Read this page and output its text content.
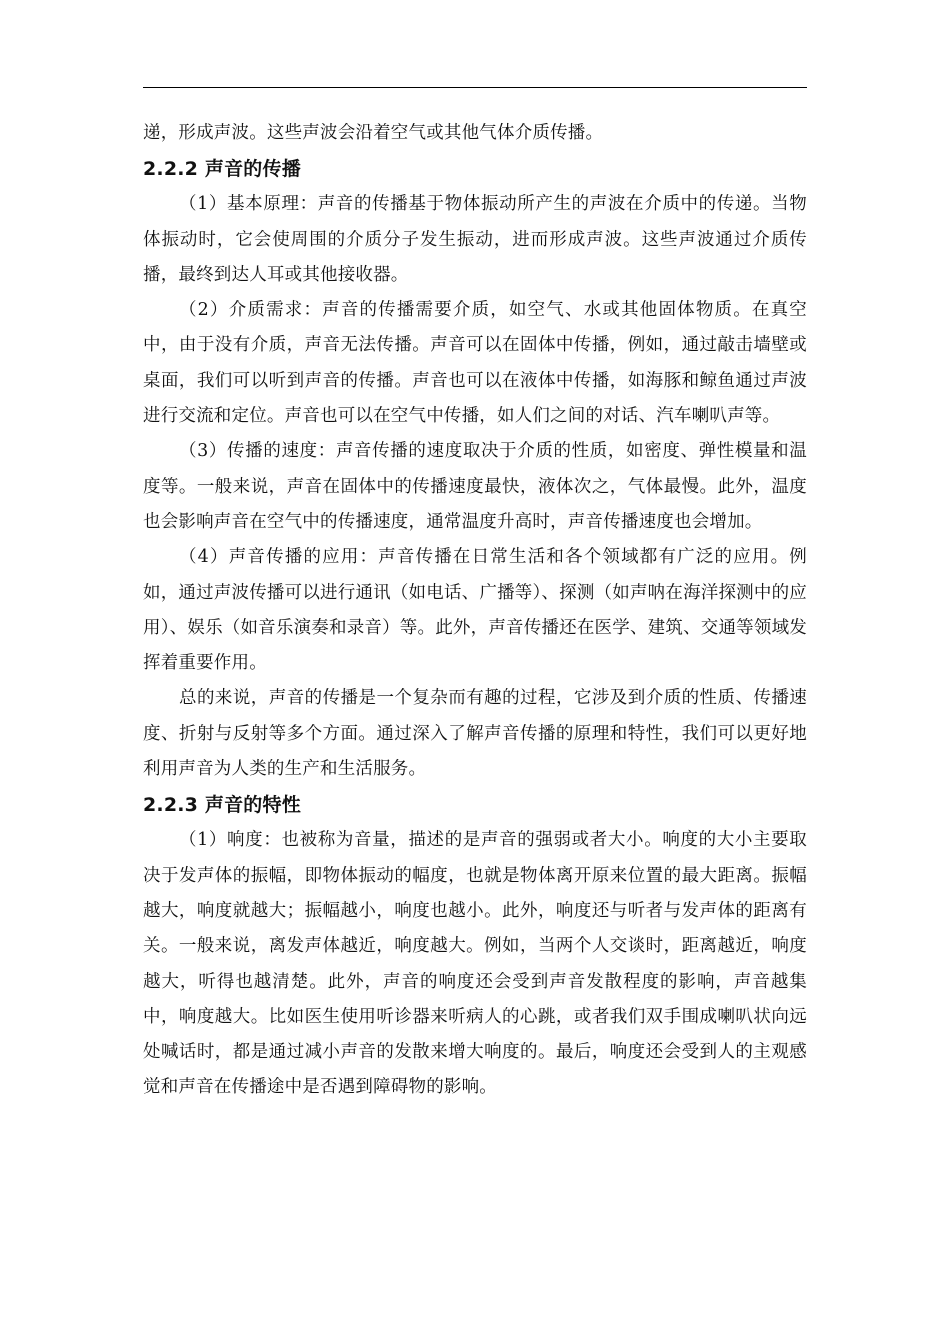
递，形成声波。这些声波会沿着空气或其他气体介质传播。

2.2.2 声音的传播

（1）基本原理：声音的传播基于物体振动所产生的声波在介质中的传递。当物体振动时，它会使周围的介质分子发生振动，进而形成声波。这些声波通过介质传播，最终到达人耳或其他接收器。

（2）介质需求：声音的传播需要介质，如空气、水或其他固体物质。在真空中，由于没有介质，声音无法传播。声音可以在固体中传播，例如，通过敲击墙壁或桌面，我们可以听到声音的传播。声音也可以在液体中传播，如海豚和鲸鱼通过声波进行交流和定位。声音也可以在空气中传播，如人们之间的对话、汽车喇叭声等。

（3）传播的速度：声音传播的速度取决于介质的性质，如密度、弹性模量和温度等。一般来说，声音在固体中的传播速度最快，液体次之，气体最慢。此外，温度也会影响声音在空气中的传播速度，通常温度升高时，声音传播速度也会增加。

（4）声音传播的应用：声音传播在日常生活和各个领域都有广泛的应用。例如，通过声波传播可以进行通讯（如电话、广播等）、探测（如声呐在海洋探测中的应用）、娱乐（如音乐演奏和录音）等。此外，声音传播还在医学、建筑、交通等领域发挥着重要作用。

总的来说，声音的传播是一个复杂而有趣的过程，它涉及到介质的性质、传播速度、折射与反射等多个方面。通过深入了解声音传播的原理和特性，我们可以更好地利用声音为人类的生产和生活服务。

2.2.3 声音的特性

（1）响度：也被称为音量，描述的是声音的强弱或者大小。响度的大小主要取决于发声体的振幅，即物体振动的幅度，也就是物体离开原来位置的最大距离。振幅越大，响度就越大；振幅越小，响度也越小。此外，响度还与听者与发声体的距离有关。一般来说，离发声体越近，响度越大。例如，当两个人交谈时，距离越近，响度越大，听得也越清楚。此外，声音的响度还会受到声音发散程度的影响，声音越集中，响度越大。比如医生使用听诊器来听病人的心跳，或者我们双手围成喇叭状向远处喊话时，都是通过减小声音的发散来增大响度的。最后，响度还会受到人的主观感觉和声音在传播途中是否遇到障碍物的影响。
